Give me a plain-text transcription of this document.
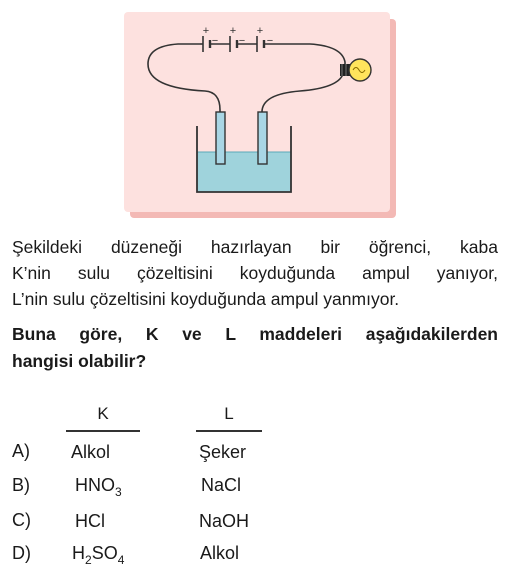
+
−
+
−
+
−
Şekildeki düzeneği hazırlayan bir öğrenci, kaba
K’nin sulu çözeltisini koyduğunda ampul yanıyor,
L’nin sulu çözeltisini koyduğunda ampul yanmıyor.
Buna göre, K ve L maddeleri aşağıdakilerden
hangisi olabilir?
K	L
A) Alkol	Şeker
B)	$HNO_3$	NaCl
C) HCl	NaOH
D) $H_2SO_4$	Alkol
